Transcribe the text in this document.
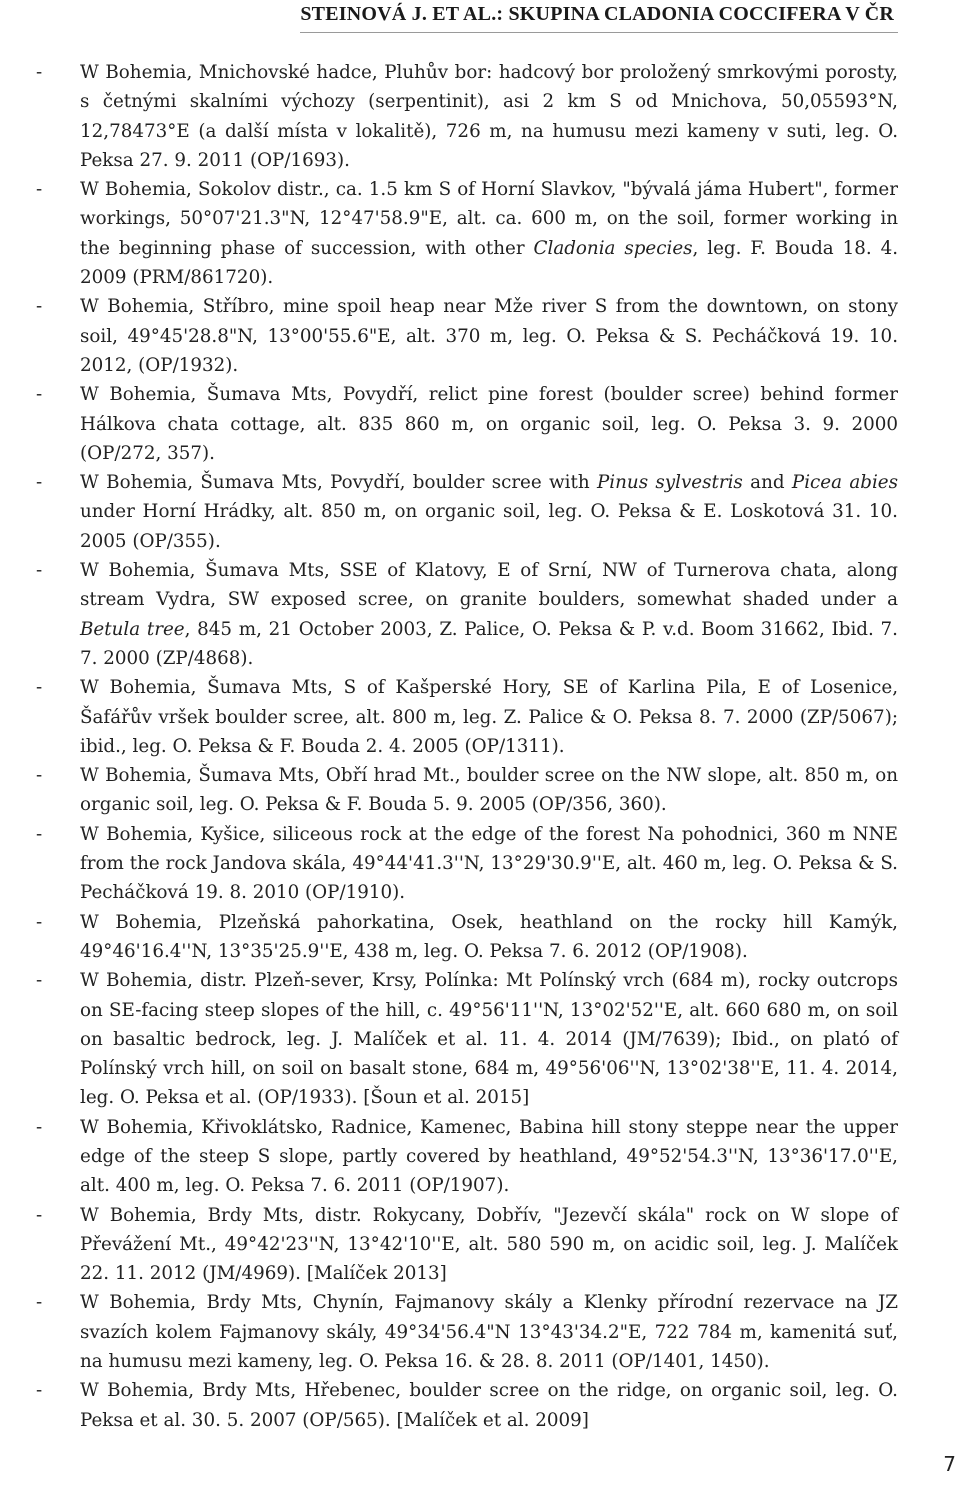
STEINOVÁ J. ET AL.: SKUPINA CLADONIA COCCIFERA V ČR
- W Bohemia, Mnichovské hadce, Pluhův bor: hadcový bor proložený smrkovými porosty, s četnými skalními výchozy (serpentinit), asi 2 km S od Mnichova, 50,05593°N, 12,78473°E (a další místa v lokalitě), 726 m, na humusu mezi kameny v suti, leg. O. Peksa 27. 9. 2011 (OP/1693).
- W Bohemia, Sokolov distr., ca. 1.5 km S of Horní Slavkov, "bývalá jáma Hubert", former workings, 50°07'21.3"N, 12°47'58.9"E, alt. ca. 600 m, on the soil, former working in the beginning phase of succession, with other Cladonia species, leg. F. Bouda 18. 4. 2009 (PRM/861720).
- W Bohemia, Stříbro, mine spoil heap near Mže river S from the downtown, on stony soil, 49°45'28.8"N, 13°00'55.6"E, alt. 370 m, leg. O. Peksa & S. Pecháčková 19. 10. 2012, (OP/1932).
- W Bohemia, Šumava Mts, Povydří, relict pine forest (boulder scree) behind former Hálkova chata cottage, alt. 835 860 m, on organic soil, leg. O. Peksa 3. 9. 2000 (OP/272, 357).
- W Bohemia, Šumava Mts, Povydří, boulder scree with Pinus sylvestris and Picea abies under Horní Hrádky, alt. 850 m, on organic soil, leg. O. Peksa & E. Loskotová 31. 10. 2005 (OP/355).
- W Bohemia, Šumava Mts, SSE of Klatovy, E of Srní, NW of Turnerova chata, along stream Vydra, SW exposed scree, on granite boulders, somewhat shaded under a Betula tree, 845 m, 21 October 2003, Z. Palice, O. Peksa & P. v.d. Boom 31662, Ibid. 7. 7. 2000 (ZP/4868).
- W Bohemia, Šumava Mts, S of Kašperské Hory, SE of Karlina Pila, E of Losenice, Šafářův vršek boulder scree, alt. 800 m, leg. Z. Palice & O. Peksa 8. 7. 2000 (ZP/5067); ibid., leg. O. Peksa & F. Bouda 2. 4. 2005 (OP/1311).
- W Bohemia, Šumava Mts, Obří hrad Mt., boulder scree on the NW slope, alt. 850 m, on organic soil, leg. O. Peksa & F. Bouda 5. 9. 2005 (OP/356, 360).
- W Bohemia, Kyšice, siliceous rock at the edge of the forest Na pohodnici, 360 m NNE from the rock Jandova skála, 49°44'41.3''N, 13°29'30.9''E, alt. 460 m, leg. O. Peksa & S. Pecháčková 19. 8. 2010 (OP/1910).
- W Bohemia, Plzeňská pahorkatina, Osek, heathland on the rocky hill Kamýk, 49°46'16.4''N, 13°35'25.9''E, 438 m, leg. O. Peksa 7. 6. 2012 (OP/1908).
- W Bohemia, distr. Plzeň-sever, Krsy, Polínka: Mt Polínský vrch (684 m), rocky outcrops on SE-facing steep slopes of the hill, c. 49°56'11''N, 13°02'52''E, alt. 660 680 m, on soil on basaltic bedrock, leg. J. Malíček et al. 11. 4. 2014 (JM/7639); Ibid., on plató of Polínský vrch hill, on soil on basalt stone, 684 m, 49°56'06''N, 13°02'38''E, 11. 4. 2014, leg. O. Peksa et al. (OP/1933). [Šoun et al. 2015]
- W Bohemia, Křivoklátsko, Radnice, Kamenec, Babina hill stony steppe near the upper edge of the steep S slope, partly covered by heathland, 49°52'54.3''N, 13°36'17.0''E, alt. 400 m, leg. O. Peksa 7. 6. 2011 (OP/1907).
- W Bohemia, Brdy Mts, distr. Rokycany, Dobřív, "Jezevčí skála" rock on W slope of Převážení Mt., 49°42'23''N, 13°42'10''E, alt. 580 590 m, on acidic soil, leg. J. Malíček 22. 11. 2012 (JM/4969). [Malíček 2013]
- W Bohemia, Brdy Mts, Chynín, Fajmanovy skály a Klenky přírodní rezervace na JZ svazích kolem Fajmanovy skály, 49°34'56.4"N 13°43'34.2"E, 722 784 m, kamenitá suť, na humusu mezi kameny, leg. O. Peksa 16. & 28. 8. 2011 (OP/1401, 1450).
- W Bohemia, Brdy Mts, Hřebenec, boulder scree on the ridge, on organic soil, leg. O. Peksa et al. 30. 5. 2007 (OP/565). [Malíček et al. 2009]
7
